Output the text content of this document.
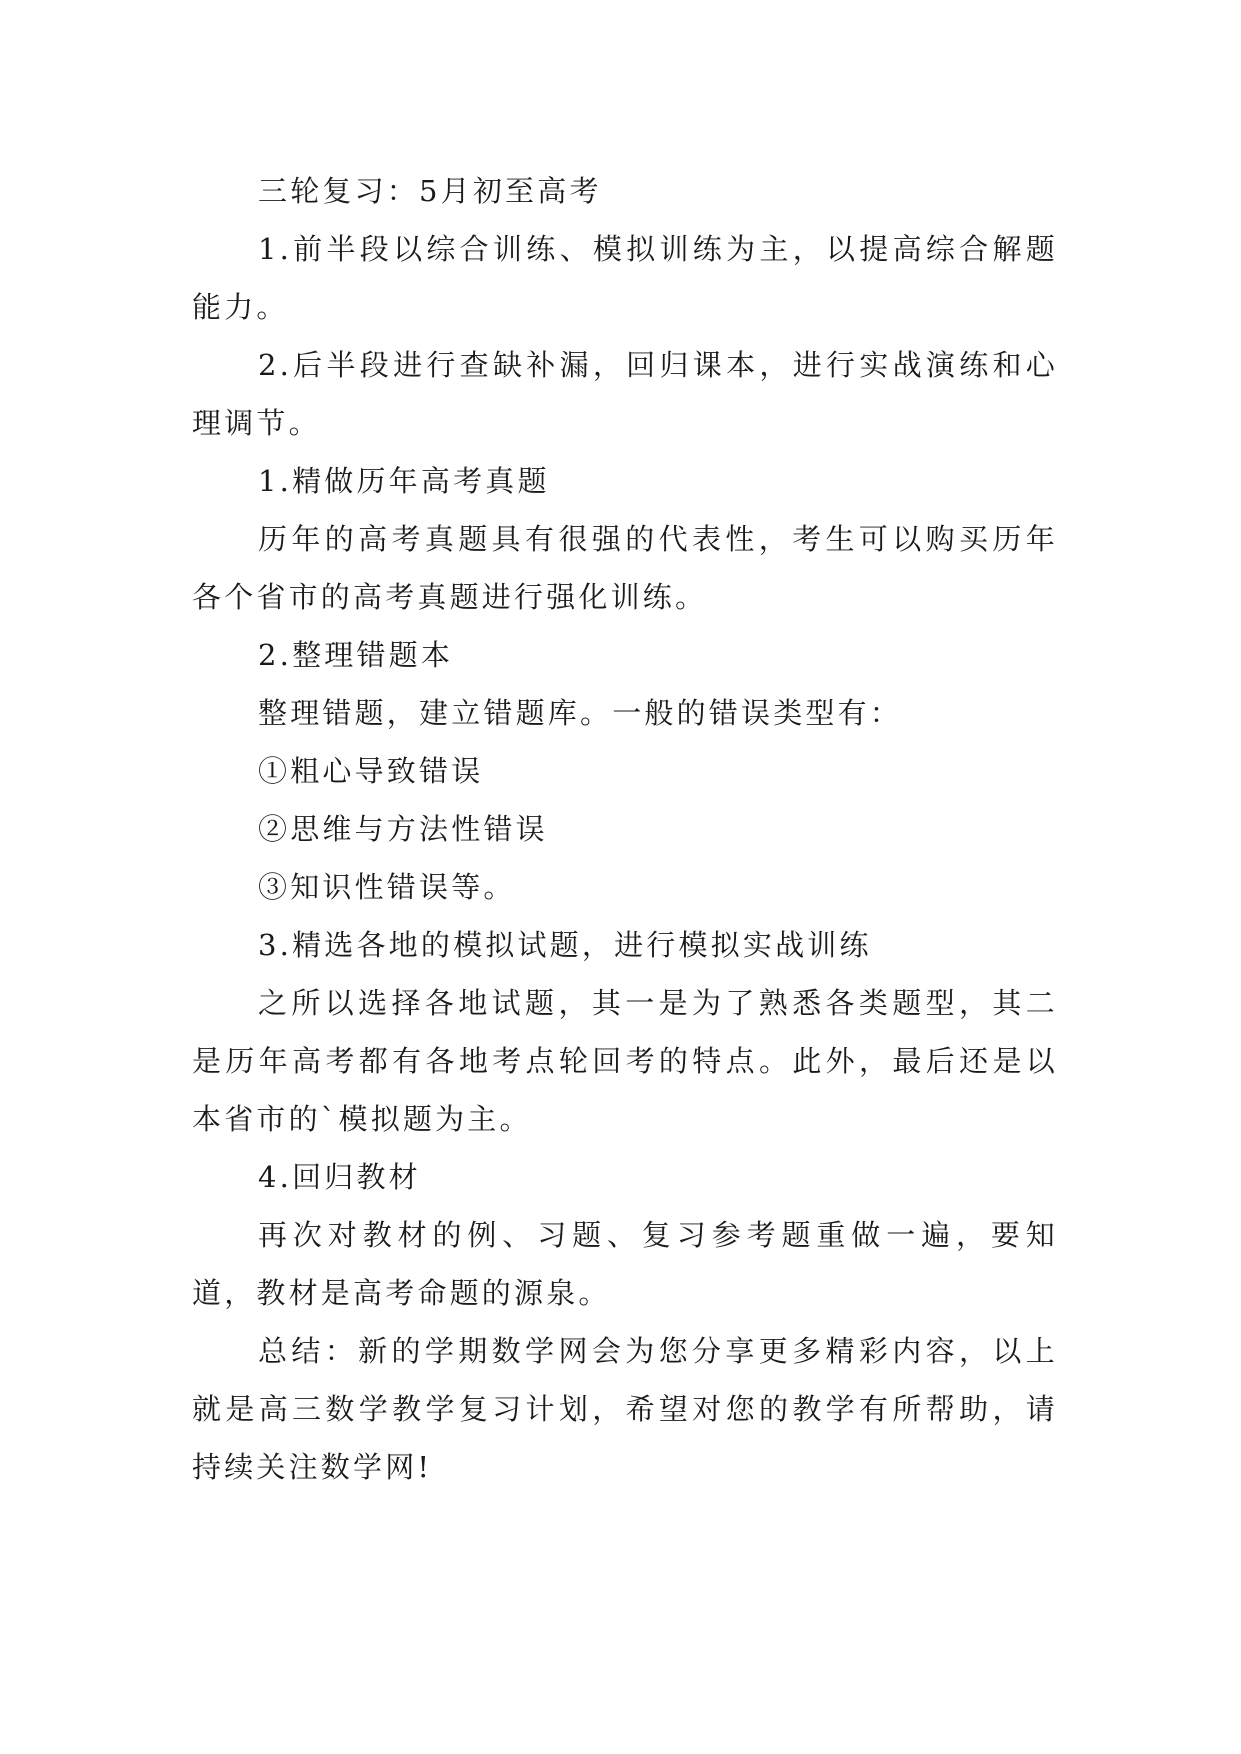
三轮复习：5月初至高考

1.前半段以综合训练、模拟训练为主，以提高综合解题能力。

2.后半段进行查缺补漏，回归课本，进行实战演练和心理调节。

1.精做历年高考真题

历年的高考真题具有很强的代表性，考生可以购买历年各个省市的高考真题进行强化训练。

2.整理错题本

整理错题，建立错题库。一般的错误类型有：

①粗心导致错误

②思维与方法性错误

③知识性错误等。

3.精选各地的模拟试题，进行模拟实战训练

之所以选择各地试题，其一是为了熟悉各类题型，其二是历年高考都有各地考点轮回考的特点。此外，最后还是以本省市的`模拟题为主。

4.回归教材

再次对教材的例、习题、复习参考题重做一遍，要知道，教材是高考命题的源泉。

总结：新的学期数学网会为您分享更多精彩内容，以上就是高三数学教学复习计划，希望对您的教学有所帮助，请持续关注数学网!
